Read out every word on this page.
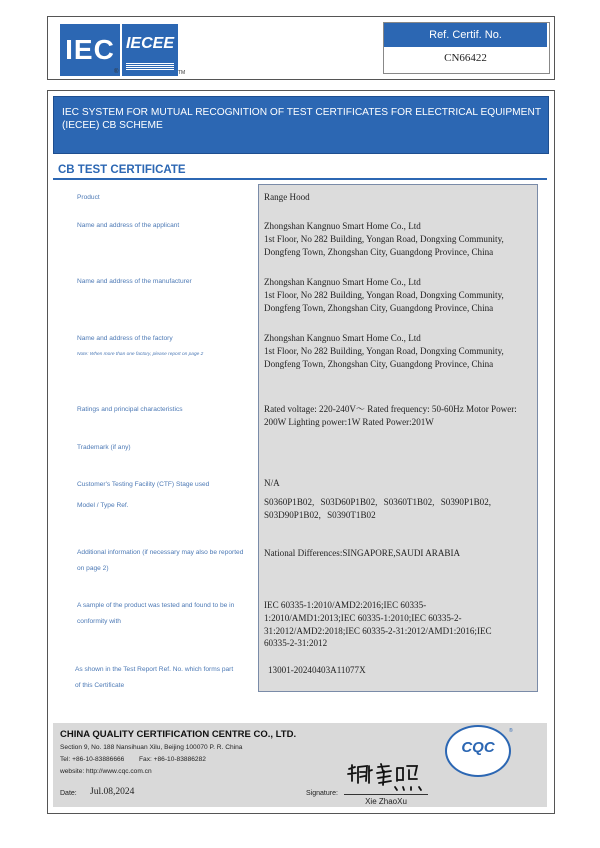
IEC IECEE
®	TM
Ref. Certif. No.
CN66422
IEC SYSTEM FOR MUTUAL RECOGNITION OF TEST CERTIFICATES FOR ELECTRICAL EQUIPMENT (IECEE) CB SCHEME
CB TEST CERTIFICATE
Product
Name and address of the applicant
Name and address of the manufacturer
Name and address of the factory
Note: When more than one factory, please report on page 2
Ratings and principal characteristics
Trademark (if any)
Customer's Testing Facility (CTF) Stage used
Model / Type Ref.
Additional information (if necessary may also be reported on page 2)
A sample of the product was tested and found to be in conformity with
As shown in the Test Report Ref. No. which forms part of this Certificate
Range Hood
Zhongshan Kangnuo Smart Home Co., Ltd
1st Floor, No 282 Building, Yongan Road, Dongxing Community, Dongfeng Town, Zhongshan City, Guangdong Province, China
Zhongshan Kangnuo Smart Home Co., Ltd
1st Floor, No 282 Building, Yongan Road, Dongxing Community, Dongfeng Town, Zhongshan City, Guangdong Province, China
Zhongshan Kangnuo Smart Home Co., Ltd
1st Floor, No 282 Building, Yongan Road, Dongxing Community, Dongfeng Town, Zhongshan City, Guangdong Province, China
Rated voltage: 220-240V～ Rated frequency: 50-60Hz Motor Power: 200W Lighting power:1W Rated Power:201W
N/A
S0360P1B02, S03D60P1B02, S0360T1B02, S0390P1B02, S03D90P1B02, S0390T1B02
National Differences:SINGAPORE,SAUDI ARABIA
IEC 60335-1:2010/AMD2:2016;IEC 60335-1:2010/AMD1:2013;IEC 60335-1:2010;IEC 60335-2-31:2012/AMD2:2018;IEC 60335-2-31:2012/AMD1:2016;IEC 60335-2-31:2012
13001-20240403A11077X
CHINA QUALITY CERTIFICATION CENTRE CO., LTD.
Section 9, No. 188 Nansihuan Xilu, Beijing 100070 P. R. China
Tel: +86-10-83886666        Fax: +86-10-83886282
website: http://www.cqc.com.cn
CQC
®
Date: Jul.08,2024	Signature:
Xie ZhaoXu
